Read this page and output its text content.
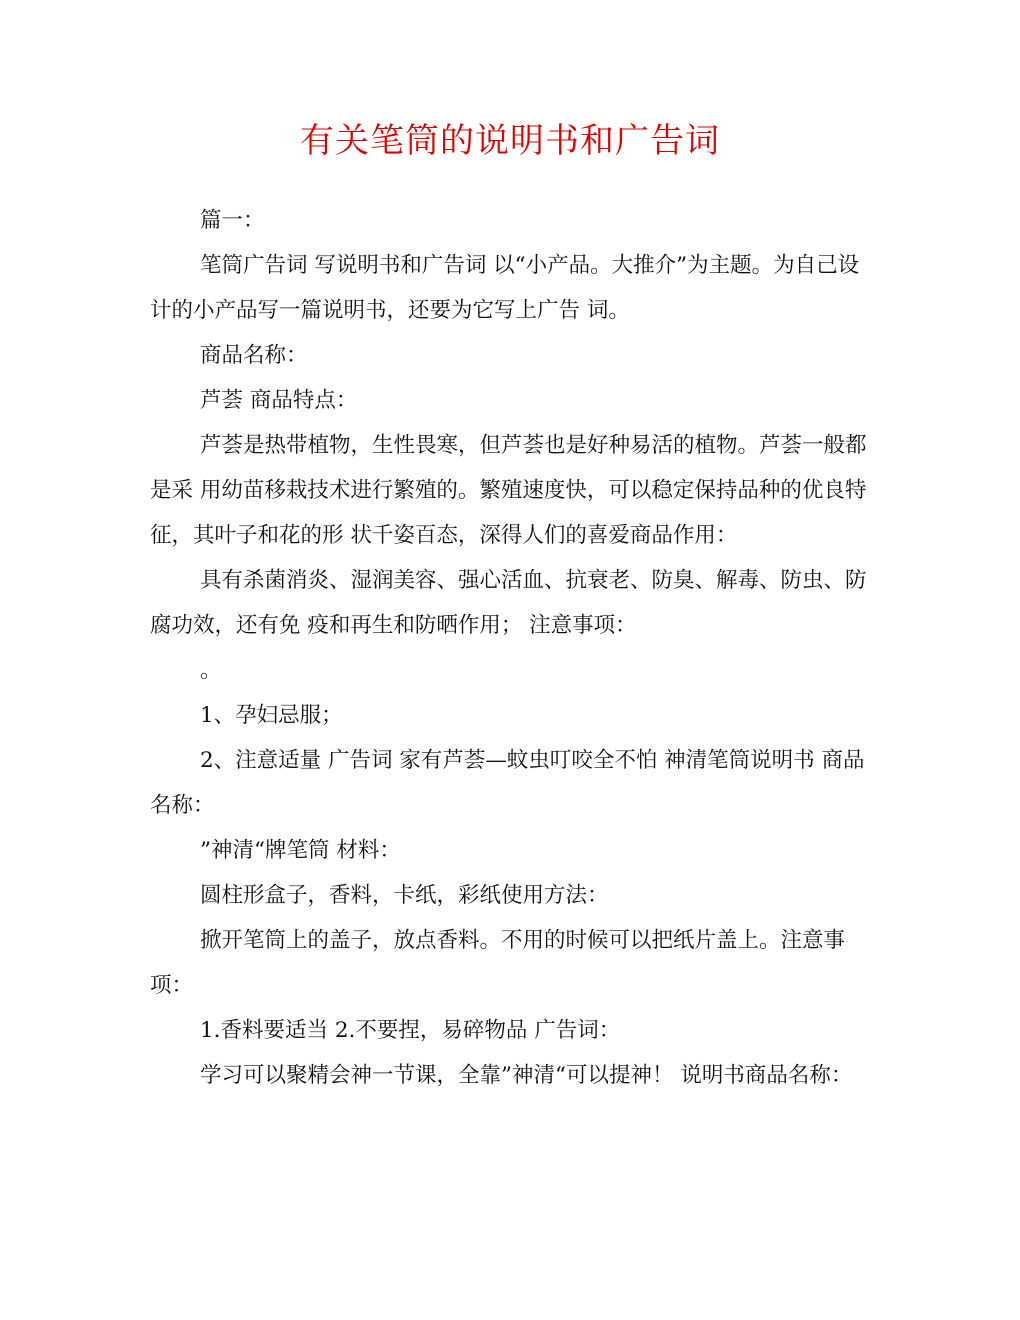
有关笔筒的说明书和广告词

篇一：

笔筒广告词 写说明书和广告词 以“小产品。大推介”为主题。为自己设计的小产品写一篇说明书，还要为它写上广告 词。

商品名称：

芦荟 商品特点：

芦荟是热带植物，生性畏寒，但芦荟也是好种易活的植物。芦荟一般都是采 用幼苗移栽技术进行繁殖的。繁殖速度快，可以稳定保持品种的优良特征，其叶子和花的形 状千姿百态，深得人们的喜爱商品作用：

具有杀菌消炎、湿润美容、强心活血、抗衰老、防臭、解毒、防虫、防腐功效，还有免 疫和再生和防晒作用； 注意事项：

。

1、孕妇忌服；

2、注意适量 广告词 家有芦荟—蚊虫叮咬全不怕 神清笔筒说明书 商品名称：

”神清“牌笔筒 材料：

圆柱形盒子，香料，卡纸，彩纸使用方法：

掀开笔筒上的盖子，放点香料。不用的时候可以把纸片盖上。注意事项：

1.香料要适当 2.不要捏，易碎物品 广告词：

学习可以聚精会神一节课，全靠”神清“可以提神！ 说明书商品名称：
